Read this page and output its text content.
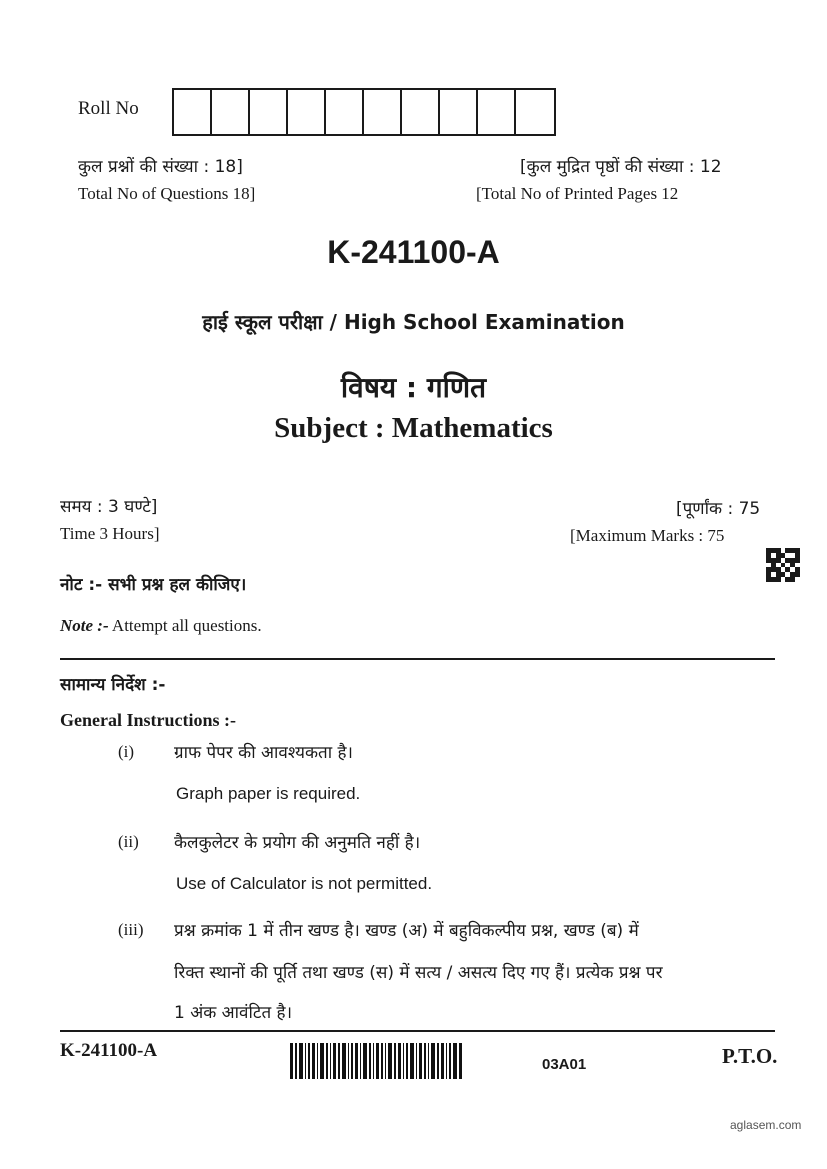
Roll No
कुल प्रश्नों की संख्या : 18]
Total No of Questions 18]
[कुल मुद्रित पृष्ठों की संख्या : 12
[Total No of Printed Pages 12
K-241100-A
हाई स्कूल परीक्षा / High School Examination
विषय : गणित
Subject : Mathematics
समय : 3 घण्टे]
Time 3 Hours]
[पूर्णांक : 75
[Maximum Marks : 75
नोट :- सभी प्रश्न हल कीजिए।
Note :- Attempt all questions.
सामान्य निर्देश :-
General Instructions :-
(i) ग्राफ पेपर की आवश्यकता है।
Graph paper is required.
(ii) कैलकुलेटर के प्रयोग की अनुमति नहीं है।
Use of Calculator is not permitted.
(iii) प्रश्न क्रमांक 1 में तीन खण्ड है। खण्ड (अ) में बहुविकल्पीय प्रश्न, खण्ड (ब) में
रिक्त स्थानों की पूर्ति तथा खण्ड (स) में सत्य / असत्य दिए गए हैं। प्रत्येक प्रश्न पर
1 अंक आवंटित है।
K-241100-A
03A01	P.T.O.
aglasem.com
